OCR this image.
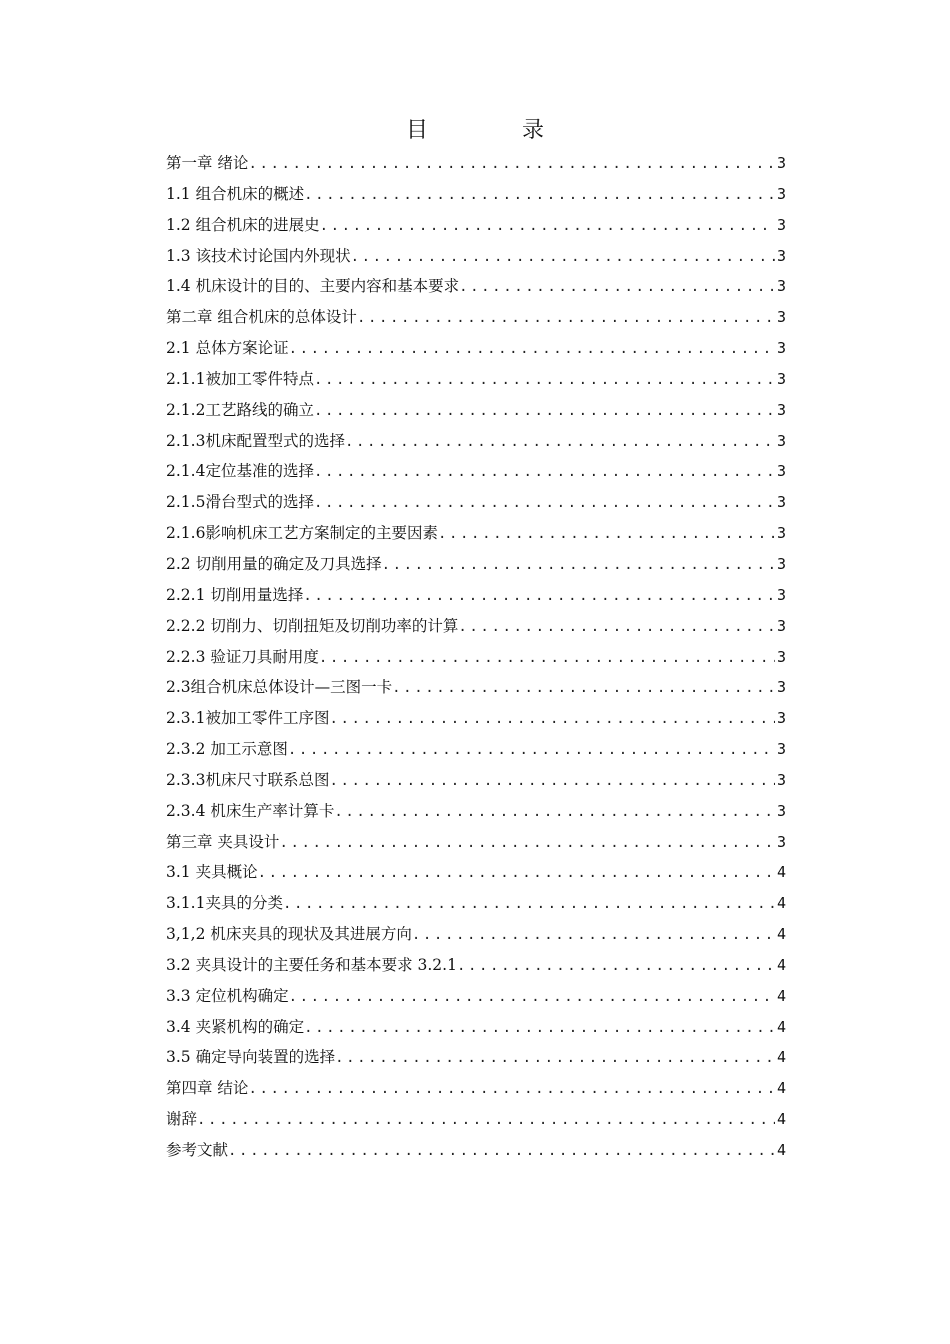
目　录
第一章 绪论 .....	3
1.1 组合机床的概述 .....	3
1.2 组合机床的进展史 .....	3
1.3 该技术讨论国内外现状 .....	3
1.4 机床设计的目的、主要内容和基本要求 .....	3
第二章 组合机床的总体设计 .....	3
2.1 总体方案论证 .....	3
2.1.1被加工零件特点 .....	3
2.1.2工艺路线的确立 .....	3
2.1.3机床配置型式的选择 .....	3
2.1.4定位基准的选择 .....	3
2.1.5滑台型式的选择 .....	3
2.1.6影响机床工艺方案制定的主要因素 .....	3
2.2 切削用量的确定及刀具选择 .....	3
2.2.1 切削用量选择 .....	3
2.2.2 切削力、切削扭矩及切削功率的计算 .....	3
2.2.3 验证刀具耐用度 .....	3
2.3组合机床总体设计—三图一卡 .....	3
2.3.1被加工零件工序图 .....	3
2.3.2 加工示意图 .....	3
2.3.3机床尺寸联系总图 .....	3
2.3.4 机床生产率计算卡 .....	3
第三章 夹具设计 .....	3
3.1 夹具概论 .....	4
3.1.1夹具的分类 .....	4
3,1,2 机床夹具的现状及其进展方向 .....	4
3.2 夹具设计的主要任务和基本要求 3.2.1 .....	4
3.3 定位机构确定 .....	4
3.4 夹紧机构的确定 .....	4
3.5 确定导向装置的选择 .....	4
第四章 结论 .....	4
谢辞 .....	4
参考文献 .....	4
